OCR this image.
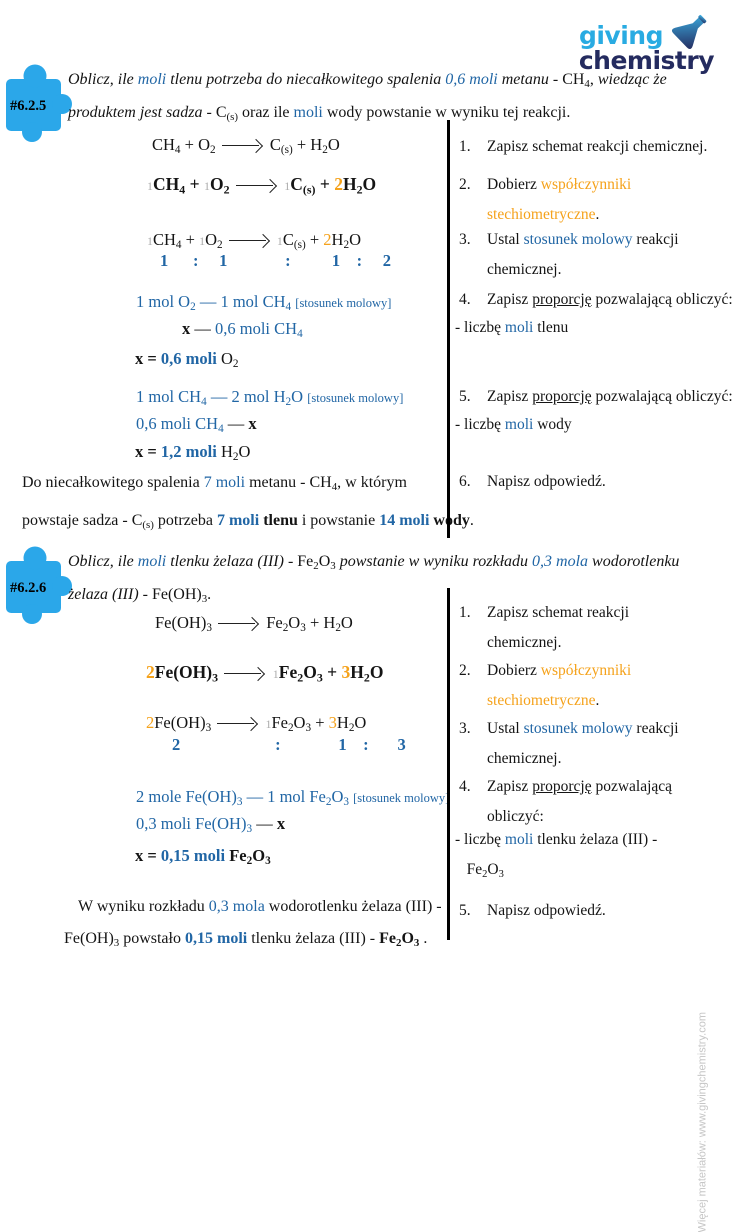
giving
chemistry
#6.2.5
Oblicz, ile moli tlenu potrzeba do niecałkowitego spalenia 0,6 moli metanu - $CH_4$, wiedząc że
produktem jest sadza - $C_{(s)}$ oraz ile moli wody powstanie w wyniku tej reakcji.
$CH_4 + O_2$	$C_{(s)} + H_2O$
$1CH_4 + 1O_2$	$1C_{(s)} + 2H_2O$
$1CH_4 + 1O_2$	$1C_{(s)} + 2H_2O$
1      :     1              :          1    :     2
1 mol $O_2$ — 1 mol $CH_4$ [stosunek molowy]
x — 0,6 moli $CH_4$
x = 0,6 moli $O_2$
1 mol $CH_4$ — 2 mol $H_2O$ [stosunek molowy]
0,6 moli $CH_4$ — x
x = 1,2 moli $H_2O$
Do niecałkowitego spalenia 7 moli metanu - $CH_4$, w którym
powstaje sadza - $C_{(s)}$ potrzeba 7 moli tlenu i powstanie 14 moli wody.
1.	Zapisz schemat reakcji chemicznej.
2.	Dobierz współczynniki
stechiometryczne.
3.	Ustal stosunek molowy reakcji
chemicznej.
4.	Zapisz proporcję pozwalającą obliczyć:
- liczbę moli tlenu
5.	Zapisz proporcję pozwalającą obliczyć:
- liczbę moli wody
6.	Napisz odpowiedź.
#6.2.6
Oblicz, ile moli tlenku żelaza $(III) - Fe_2O_3$ powstanie w wyniku rozkładu 0,3 mola wodorotlenku
żelaza $(III) - Fe(OH)_3$.
$Fe(OH)_3$	$Fe_2O_3 + H_2O$
$2Fe(OH)_3$	$1Fe_2O_3 + 3H_2O$
$2Fe(OH)_3$	$1Fe_2O_3 + 3H_2O$
2                       :              1    :       3
2 mole $Fe(OH)_3$ — 1 mol $Fe_2O_3$ [stosunek molowy]
0,3 moli $Fe(OH)_3$ — x
x = 0,15 moli $Fe_2O_3$
W wyniku rozkładu 0,3 mola wodorotlenku żelaza (III) -
$Fe(OH)_3$ powstało 0,15 moli tlenku żelaza $(III) - Fe_2O_3$ .
1.	Zapisz schemat reakcji
chemicznej.
2.	Dobierz współczynniki
stechiometryczne.
3.	Ustal stosunek molowy reakcji
chemicznej.
4.	Zapisz proporcję pozwalającą
obliczyć:
- liczbę moli tlenku żelaza (III) -
$Fe_2O_3$
5.	Napisz odpowiedź.
Więcej materiałów: www.givingchemistry.com
